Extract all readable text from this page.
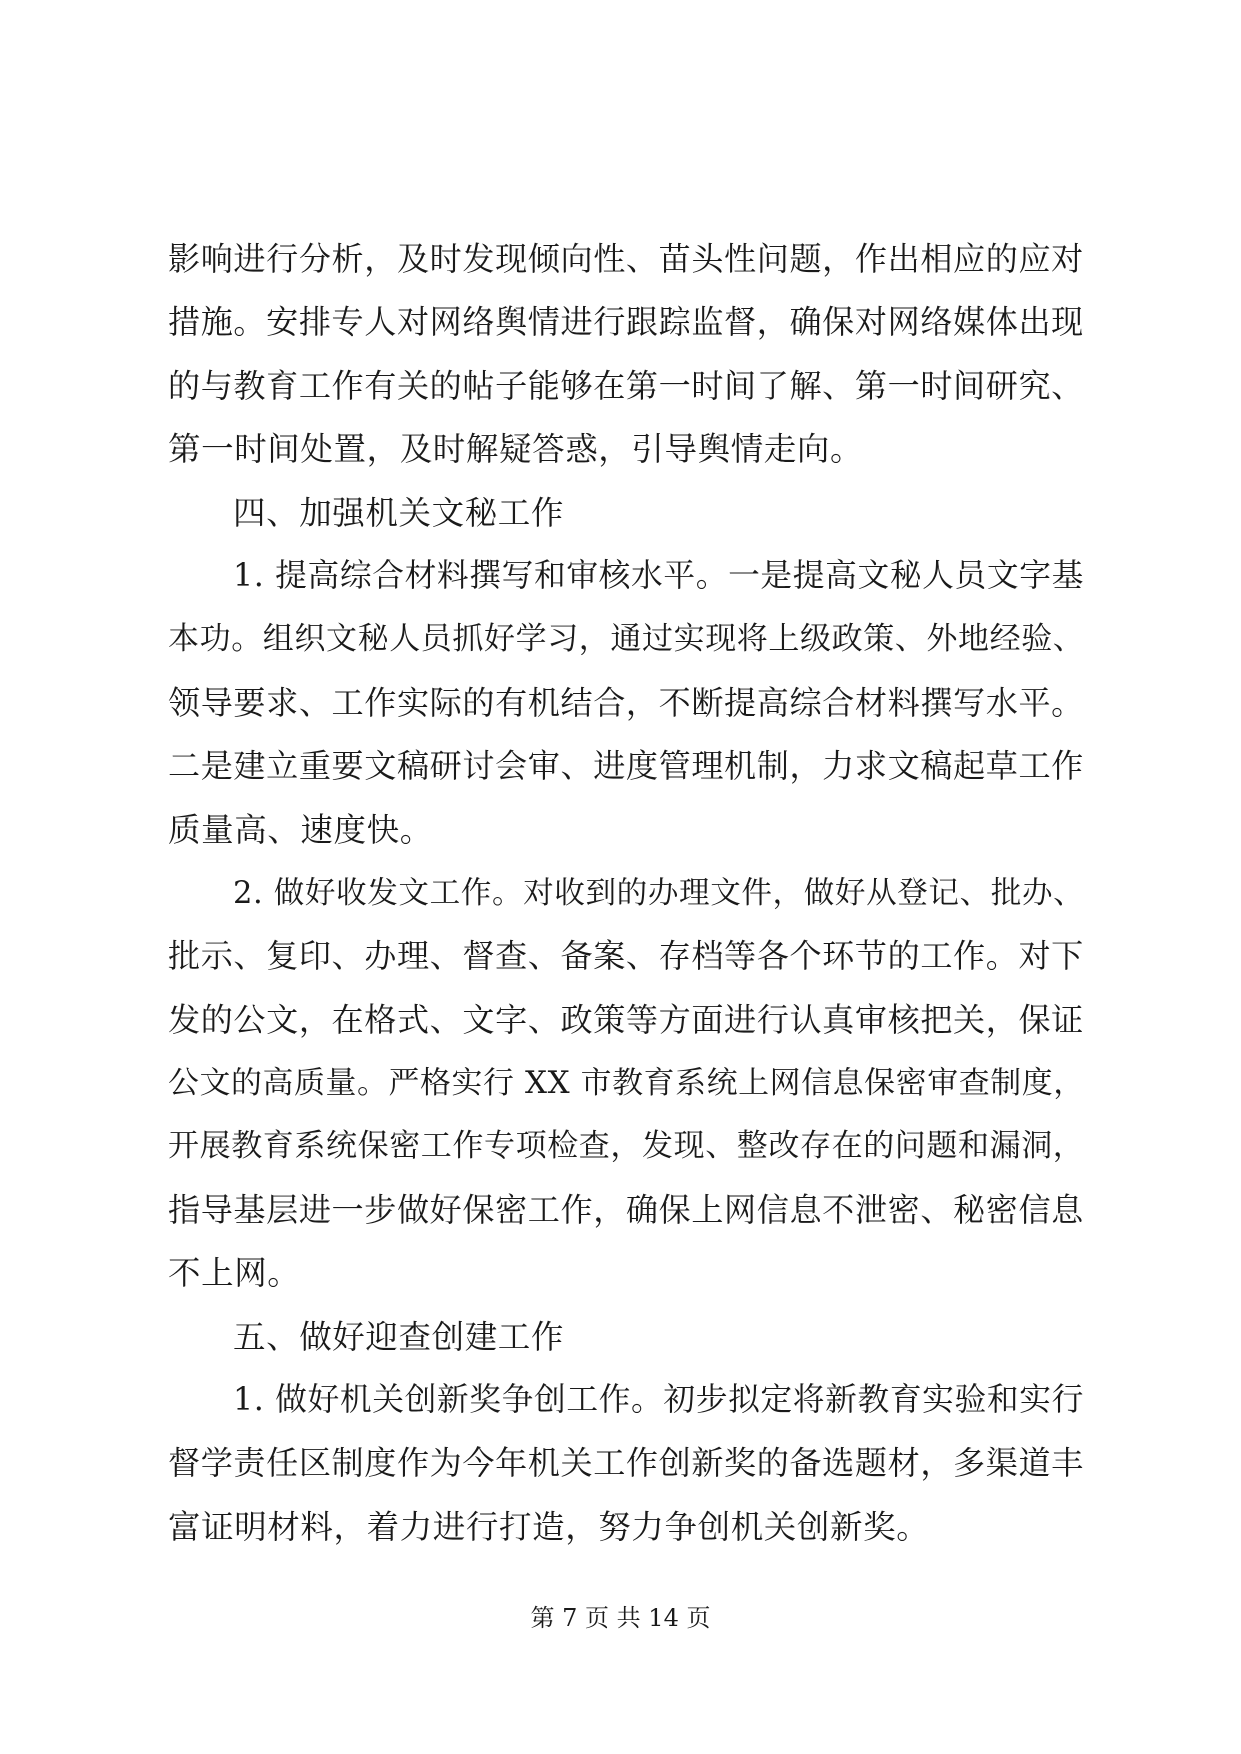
影响进行分析，及时发现倾向性、苗头性问题，作出相应的应对
措施。安排专人对网络舆情进行跟踪监督，确保对网络媒体出现
的与教育工作有关的帖子能够在第一时间了解、第一时间研究、
第一时间处置，及时解疑答惑，引导舆情走向。
四、加强机关文秘工作
1. 提高综合材料撰写和审核水平。一是提高文秘人员文字基
本功。组织文秘人员抓好学习，通过实现将上级政策、外地经验、
领导要求、工作实际的有机结合，不断提高综合材料撰写水平。
二是建立重要文稿研讨会审、进度管理机制，力求文稿起草工作
质量高、速度快。
2. 做好收发文工作。对收到的办理文件，做好从登记、批办、
批示、复印、办理、督查、备案、存档等各个环节的工作。对下
发的公文，在格式、文字、政策等方面进行认真审核把关，保证
公文的高质量。严格实行 XX 市教育系统上网信息保密审查制度，
开展教育系统保密工作专项检查，发现、整改存在的问题和漏洞，
指导基层进一步做好保密工作，确保上网信息不泄密、秘密信息
不上网。
五、做好迎查创建工作
1. 做好机关创新奖争创工作。初步拟定将新教育实验和实行
督学责任区制度作为今年机关工作创新奖的备选题材，多渠道丰
富证明材料，着力进行打造，努力争创机关创新奖。
第 7 页 共 14 页
